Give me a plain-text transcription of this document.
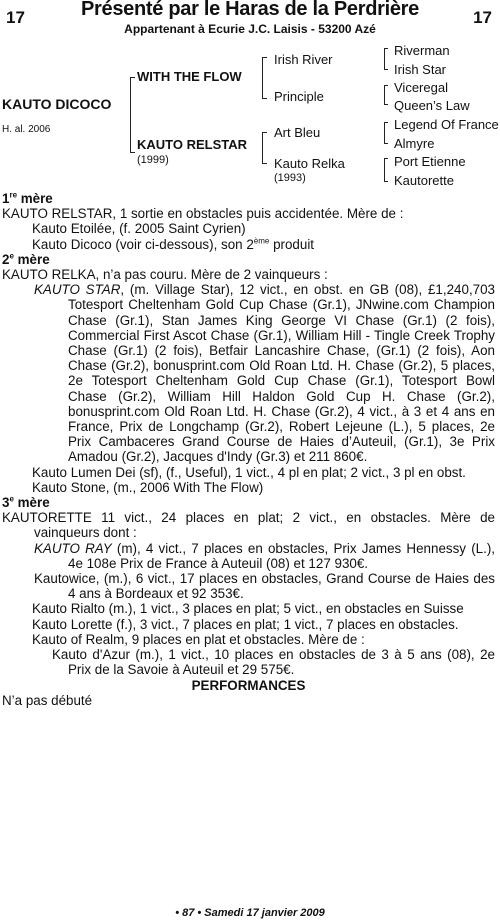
17	17
Présenté par le Haras de la Perdrière
Appartenant à Ecurie J.C. Laisis - 53200 Azé
KAUTO DICOCO
H. al. 2006
WITH THE FLOW
KAUTO RELSTAR
(1999)
Irish River
Principle
Art Bleu
Kauto Relka
(1993)
Riverman
Irish Star
Viceregal
Queen’s Law
Legend Of France
Almyre
Port Etienne
Kautorette

1re mère

KAUTO RELSTAR, 1 sortie en obstacles puis accidentée. Mère de :

Kauto Etoilée, (f. 2005 Saint Cyrien)

Kauto Dicoco (voir ci-dessous), son 2ème produit

2e mère

KAUTO RELKA, n’a pas couru. Mère de 2 vainqueurs :

KAUTO STAR, (m. Village Star), 12 vict., en obst. en GB (08), £1,240,703 Totesport Cheltenham Gold Cup Chase (Gr.1), JNwine.com Champion Chase (Gr.1), Stan James King George VI Chase (Gr.1) (2 fois), Commercial First Ascot Chase (Gr.1), William Hill - Tingle Creek Trophy Chase (Gr.1) (2 fois), Betfair Lancashire Chase, (Gr.1) (2 fois), Aon Chase (Gr.2), bonusprint.com Old Roan Ltd. H. Chase (Gr.2), 5 places, 2e Totesport Cheltenham Gold Cup Chase (Gr.1), Totesport Bowl Chase (Gr.2), William Hill Haldon Gold Cup H. Chase (Gr.2), bonusprint.com Old Roan Ltd. H. Chase (Gr.2), 4 vict., à 3 et 4 ans en France, Prix de Longchamp (Gr.2), Robert Lejeune (L.), 5 places, 2e Prix Cambaceres Grand Course de Haies d’Auteuil, (Gr.1), 3e Prix Amadou (Gr.2), Jacques d'Indy (Gr.3) et 211 860€.

Kauto Lumen Dei (sf), (f., Useful), 1 vict., 4 pl en plat; 2 vict., 3 pl en obst.

Kauto Stone, (m., 2006 With The Flow)

3e mère

KAUTORETTE 11 vict., 24 places en plat; 2 vict., en obstacles. Mère de vainqueurs dont :

KAUTO RAY (m), 4 vict., 7 places en obstacles, Prix James Hennessy (L.), 4e 108e Prix de France à Auteuil (08) et 127 930€.

Kautowice, (m.), 6 vict., 17 places en obstacles, Grand Course de Haies des 4 ans à Bordeaux et 92 353€.

Kauto Rialto (m.), 1 vict., 3 places en plat; 5 vict., en obstacles en Suisse

Kauto Lorette (f.), 3 vict., 7 places en plat; 1 vict., 7 places en obstacles.

Kauto of Realm, 9 places en plat et obstacles. Mère de :

Kauto d'Azur (m.), 1 vict., 10 places en obstacles de 3 à 5 ans (08), 2e Prix de la Savoie à Auteuil et 29 575€.

PERFORMANCES

N’a pas débuté

• 87 • Samedi 17 janvier 2009
